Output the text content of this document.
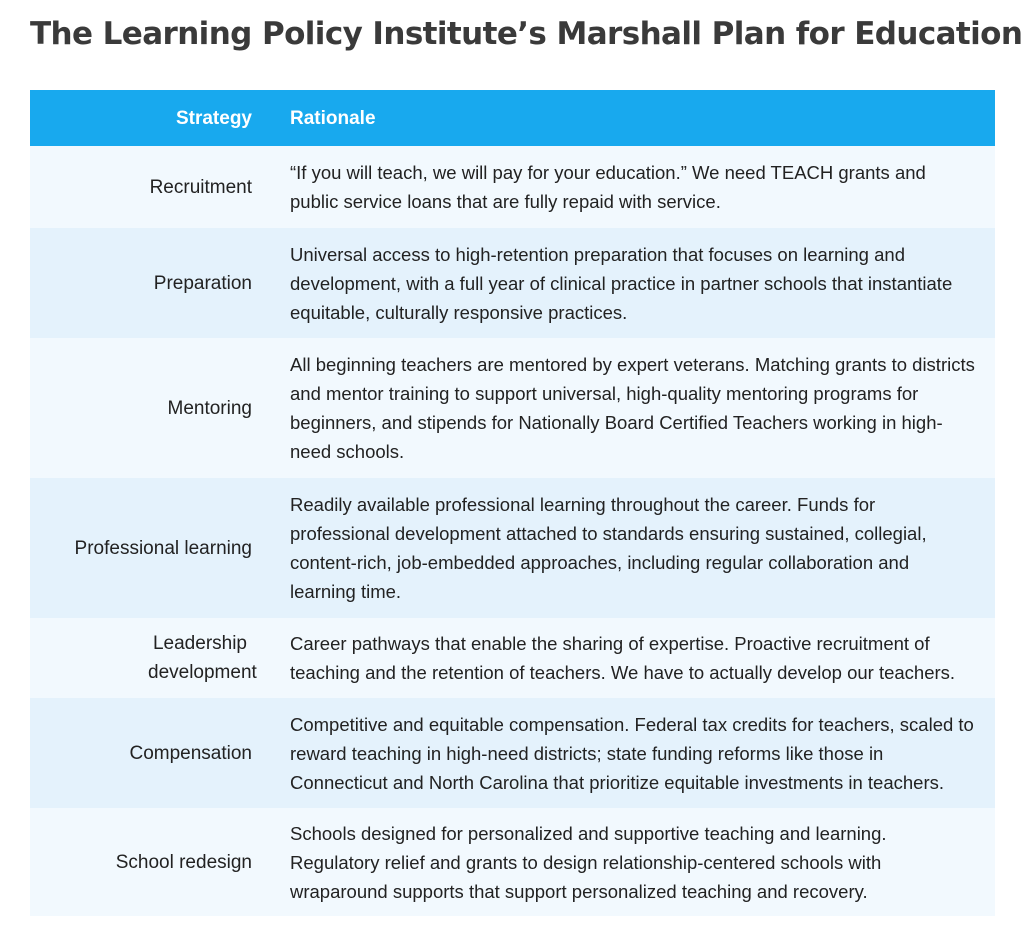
The Learning Policy Institute’s Marshall Plan for Education
Strategy	Rationale
Recruitment
“If you will teach, we will pay for your education.” We need TEACH grants and public service loans that are fully repaid with service.
Preparation
Universal access to high-retention preparation that focuses on learning and development, with a full year of clinical practice in partner schools that instantiate equitable, culturally responsive practices.
Mentoring
All beginning teachers are mentored by expert veterans. Matching grants to districts and mentor training to support universal, high-quality mentoring programs for beginners, and stipends for Nationally Board Certified Teachers working in high-need schools.
Professional learning
Readily available professional learning throughout the career. Funds for professional development attached to standards ensuring sustained, collegial, content-rich, job-embedded approaches, including regular collaboration and learning time.
Leadership development
Career pathways that enable the sharing of expertise. Proactive recruitment of teaching and the retention of teachers. We have to actually develop our teachers.
Compensation
Competitive and equitable compensation. Federal tax credits for teachers, scaled to reward teaching in high-need districts; state funding reforms like those in Connecticut and North Carolina that prioritize equitable investments in teachers.
School redesign
Schools designed for personalized and supportive teaching and learning. Regulatory relief and grants to design relationship-centered schools with wraparound supports that support personalized teaching and recovery.
